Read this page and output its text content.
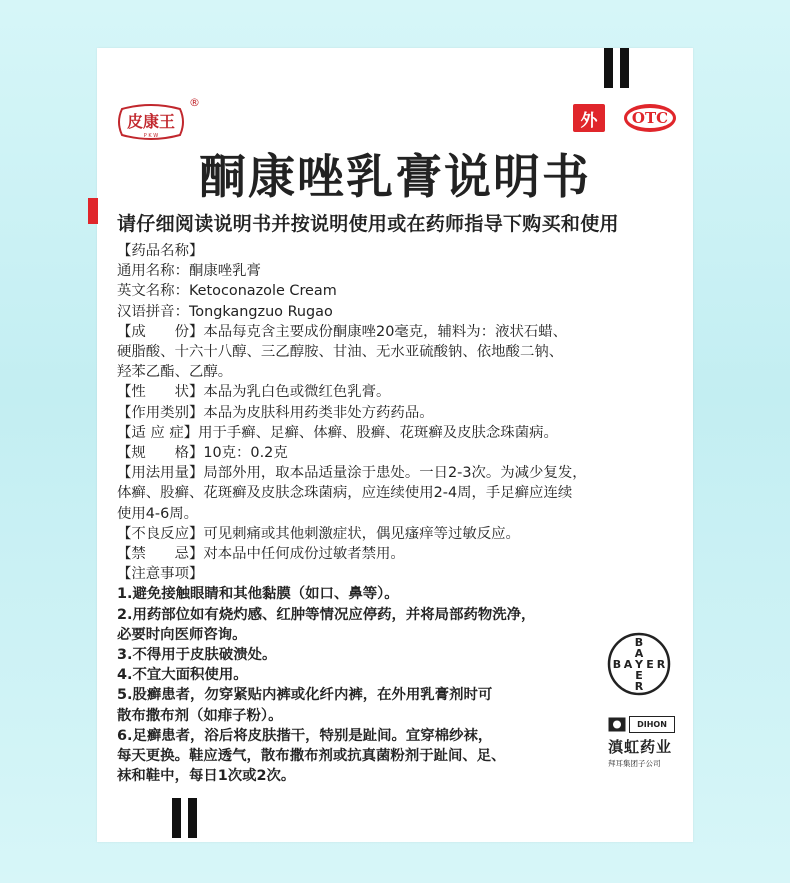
皮康王
P K W
®
外	OTC
酮康唑乳膏说明书
请仔细阅读说明书并按说明使用或在药师指导下购买和使用
【药品名称】
通用名称：酮康唑乳膏
英文名称：Ketoconazole Cream
汉语拼音：Tongkangzuo Rugao
【成　　份】本品每克含主要成份酮康唑20毫克，辅料为：液状石蜡、
硬脂酸、十六十八醇、三乙醇胺、甘油、无水亚硫酸钠、依地酸二钠、
羟苯乙酯、乙醇。
【性　　状】本品为乳白色或微红色乳膏。
【作用类别】本品为皮肤科用药类非处方药药品。
【适 应 症】用于手癣、足癣、体癣、股癣、花斑癣及皮肤念珠菌病。
【规　　格】10克：0.2克
【用法用量】局部外用，取本品适量涂于患处。一日2-3次。为减少复发，
体癣、股癣、花斑癣及皮肤念珠菌病，应连续使用2-4周，手足癣应连续
使用4-6周。
【不良反应】可见刺痛或其他刺激症状，偶见瘙痒等过敏反应。
【禁　　忌】对本品中任何成份过敏者禁用。
【注意事项】
1.避免接触眼睛和其他黏膜（如口、鼻等）。
2.用药部位如有烧灼感、红肿等情况应停药，并将局部药物洗净，
必要时向医师咨询。
3.不得用于皮肤破溃处。
4.不宜大面积使用。
5.股癣患者，勿穿紧贴内裤或化纤内裤，在外用乳膏剂时可
散布撒布剂（如痱子粉）。
6.足癣患者，浴后将皮肤揩干，特别是趾间。宜穿棉纱袜，
每天更换。鞋应透气，散布撒布剂或抗真菌粉剂于趾间、足、
袜和鞋中，每日1次或2次。
B
A
B A Y E R
E
R
DIHON
滇虹药业
拜耳集团子公司
